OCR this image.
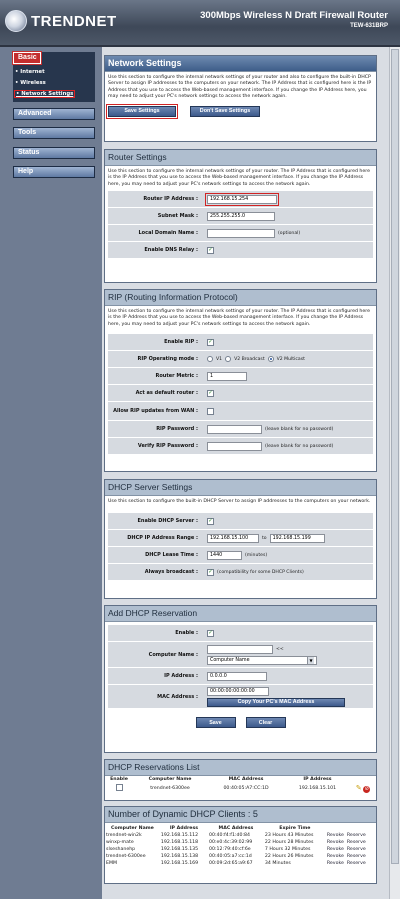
TRENDNET	300Mbps Wireless N Draft Firewall Router
TEW-631BRP
Basic
• Internet
• Wireless
• Network Settings
Advanced
Tools
Status
Help
Network Settings
Use this section to configure the internal network settings of your router and also to configure the built-in DHCP Server to assign IP addresses to the computers on your network. The IP Address that is configured here is the IP Address that you use to access the Web-based management interface. If you change the IP Address here, you may need to adjust your PC's network settings to access the network again.
Save Settings	Don't Save Settings
Router Settings
Use this section to configure the internal network settings of your router. The IP Address that is configured here is the IP Address that you use to access the Web-based management interface. If you change the IP Address here, you may need to adjust your PC's network settings to access the network again.
Router IP Address :	192.168.15.254
Subnet Mask :	255.255.255.0
Local Domain Name :	(optional)
Enable DNS Relay :	✓
RIP (Routing Information Protocol)
Use this section to configure the internal network settings of your router. The IP Address that is configured here is the IP Address that you use to access the Web-based management interface. If you change the IP Address here, you may need to adjust your PC's network settings to access the network again.
Enable RIP :	✓
RIP Operating mode :	V1	V2 Broadcast	V2 Multicast
Router Metric :	1
Act as default router :	✓
Allow RIP updates from WAN :
RIP Password :	(leave blank for no password)
Verify RIP Password :	(leave blank for no password)
DHCP Server Settings
Use this section to configure the built-in DHCP Server to assign IP addresses to the computers on your network.
Enable DHCP Server :	✓
DHCP IP Address Range :	192.168.15.100	to	192.168.15.199
DHCP Lease Time :	1440	(minutes)
Always broadcast :	✓ (compatibility for some DHCP Clients)
Add DHCP Reservation
Enable :	✓
Computer Name :
<<
Computer Name	▼
IP Address :	0.0.0.0
MAC Address :
00:00:00:00:00:00
Copy Your PC's MAC Address
Save	Clear
DHCP Reservations List
Enable	Computer Name	MAC Address	IP Address	
	trendnet-6300ee	00:40:05:A7:CC:1D	192.168.15.101	✎ ⊘
Number of Dynamic DHCP Clients : 5
Computer Name	IP Address	MAC Address	Expire Time	
trendnet-win2k	192.168.15.112	00:40:f4:f1:d0:84	23 Hours 43 Minutes	Revoke Reserve
winxp-mate	192.168.15.118	00:e0:4c:39:02:99	22 Hours 28 Minutes	Revoke Reserve
slseshanehp	192.168.15.135	00:12:79:40:cf:6e	7 Hours 32 Minutes	Revoke Reserve
trendnet-6300ee	192.168.15.138	00:40:05:a7:cc:1d	22 Hours 26 Minutes	Revoke Reserve
EMM	192.168.15.169	00:09:2d:65:a9:67	34 Minutes	Revoke Reserve
